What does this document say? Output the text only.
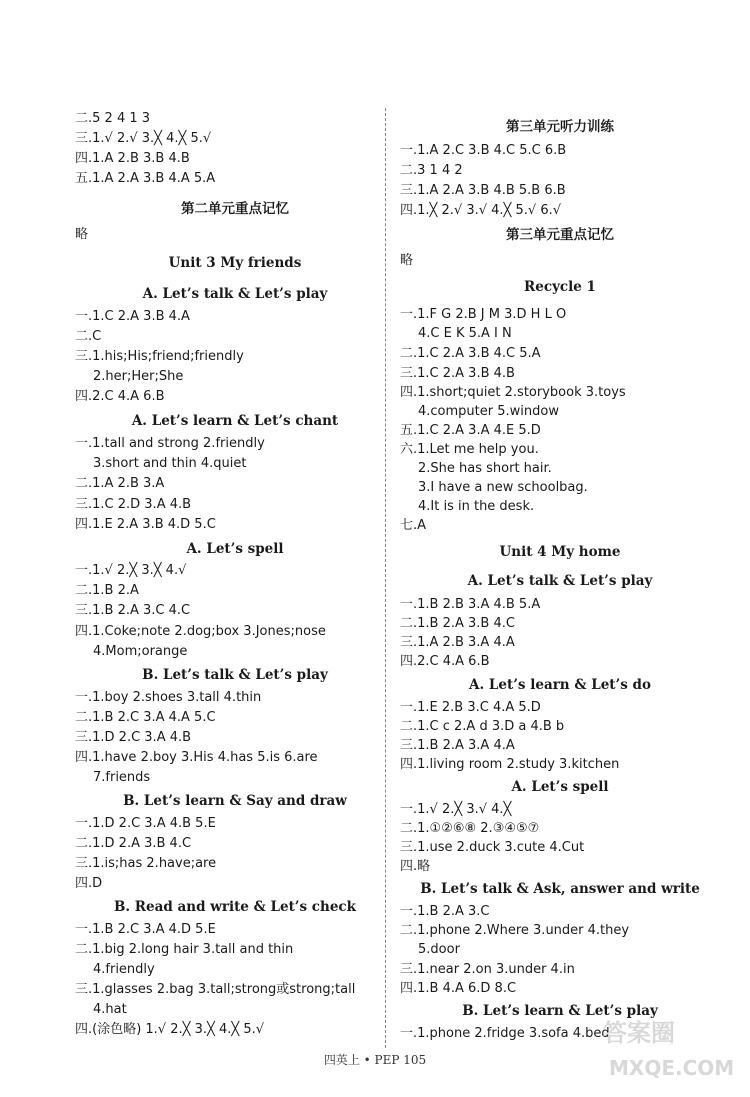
二.5 2 4 1 3
三.1.√ 2.√ 3.╳ 4.╳ 5.√
四.1.A 2.B 3.B 4.B
五.1.A 2.A 3.B 4.A 5.A
第二单元重点记忆
略
Unit 3 My friends
A. Let’s talk & Let’s play
一.1.C 2.A 3.B 4.A
二.C
三.1.his;His;friend;friendly
2.her;Her;She
四.2.C 4.A 6.B
A. Let’s learn & Let’s chant
一.1.tall and strong 2.friendly
3.short and thin 4.quiet
二.1.A 2.B 3.A
三.1.C 2.D 3.A 4.B
四.1.E 2.A 3.B 4.D 5.C
A. Let’s spell
一.1.√ 2.╳ 3.╳ 4.√
二.1.B 2.A
三.1.B 2.A 3.C 4.C
四.1.Coke;note 2.dog;box 3.Jones;nose
4.Mom;orange
B. Let’s talk & Let’s play
一.1.boy 2.shoes 3.tall 4.thin
二.1.B 2.C 3.A 4.A 5.C
三.1.D 2.C 3.A 4.B
四.1.have 2.boy 3.His 4.has 5.is 6.are
7.friends
B. Let’s learn & Say and draw
一.1.D 2.C 3.A 4.B 5.E
二.1.D 2.A 3.B 4.C
三.1.is;has 2.have;are
四.D
B. Read and write & Let’s check
一.1.B 2.C 3.A 4.D 5.E
二.1.big 2.long hair 3.tall and thin
4.friendly
三.1.glasses 2.bag 3.tall;strong或strong;tall
4.hat
四.(涂色略) 1.√ 2.╳ 3.╳ 4.╳ 5.√
第三单元听力训练
一.1.A 2.C 3.B 4.C 5.C 6.B
二.3 1 4 2
三.1.A 2.A 3.B 4.B 5.B 6.B
四.1.╳ 2.√ 3.√ 4.╳ 5.√ 6.√
第三单元重点记忆
略
Recycle 1
一.1.F G 2.B J M 3.D H L O
4.C E K 5.A I N
二.1.C 2.A 3.B 4.C 5.A
三.1.C 2.A 3.B 4.B
四.1.short;quiet 2.storybook 3.toys
4.computer 5.window
五.1.C 2.A 3.A 4.E 5.D
六.1.Let me help you.
2.She has short hair.
3.I have a new schoolbag.
4.It is in the desk.
七.A
Unit 4 My home
A. Let’s talk & Let’s play
一.1.B 2.B 3.A 4.B 5.A
二.1.B 2.A 3.B 4.C
三.1.A 2.B 3.A 4.A
四.2.C 4.A 6.B
A. Let’s learn & Let’s do
一.1.E 2.B 3.C 4.A 5.D
二.1.C c 2.A d 3.D a 4.B b
三.1.B 2.A 3.A 4.A
四.1.living room 2.study 3.kitchen
A. Let’s spell
一.1.√ 2.╳ 3.√ 4.╳
二.1.①②⑥⑧ 2.③④⑤⑦
三.1.use 2.duck 3.cute 4.Cut
四.略
B. Let’s talk & Ask, answer and write
一.1.B 2.A 3.C
二.1.phone 2.Where 3.under 4.they
5.door
三.1.near 2.on 3.under 4.in
四.1.B 4.A 6.D 8.C
B. Let’s learn & Let’s play
一.1.phone 2.fridge 3.sofa 4.bed
四英上 • PEP 105
答案圈
MXQE.COM
